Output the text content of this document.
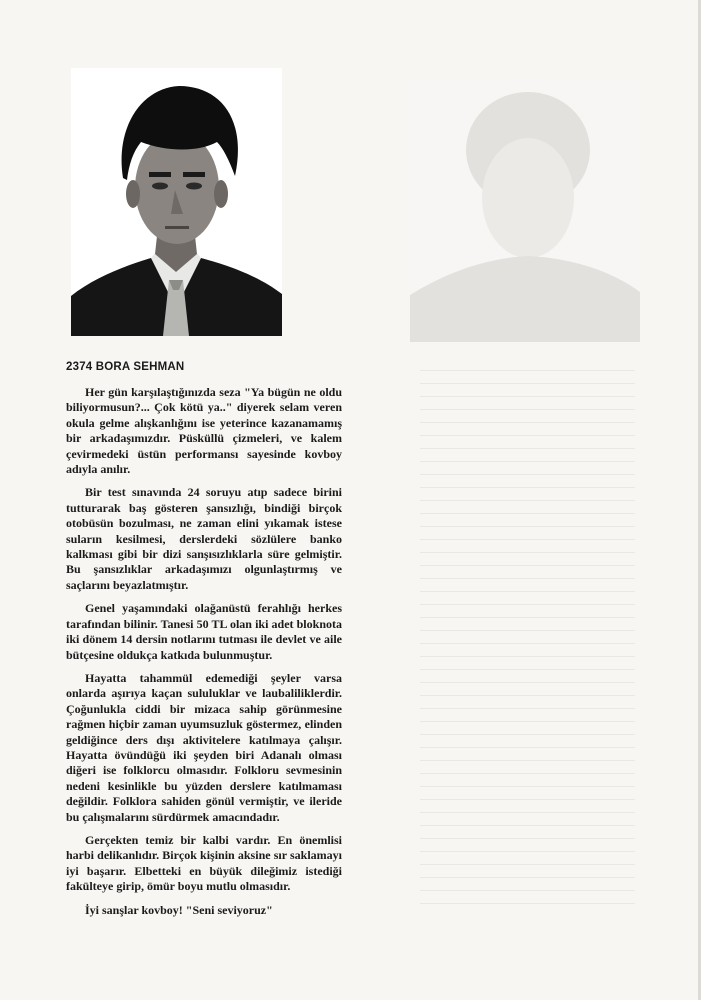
2374 BORA SEHMAN

Her gün karşılaştığınızda seza "Ya bügün ne oldu biliyormusun?... Çok kötü ya.." diyerek selam veren okula gelme alışkanlığını ise yeterince kazanamamış bir arkadaşımızdır. Püsküllü çizmeleri, ve kalem çevirmedeki üstün performansı sayesinde kovboy adıyla anılır.

Bir test sınavında 24 soruyu atıp sadece birini tutturarak baş gösteren şansızlığı, bindiği birçok otobüsün bozulması, ne zaman elini yıkamak istese suların kesilmesi, derslerdeki sözlülere banko kalkması gibi bir dizi sanşısızlıklarla süre gelmiştir. Bu şansızlıklar arkadaşımızı olgunlaştırmış ve saçlarını beyazlatmıştır.

Genel yaşamındaki olağanüstü ferahlığı herkes tarafından bilinir. Tanesi 50 TL olan iki adet bloknota iki dönem 14 dersin notlarını tutması ile devlet ve aile bütçesine oldukça katkıda bulunmuştur.

Hayatta tahammül edemediği şeyler varsa onlarda aşırıya kaçan sululuklar ve laubaliliklerdir. Çoğunlukla ciddi bir mizaca sahip görünmesine rağmen hiçbir zaman uyumsuzluk göstermez, elinden geldiğince ders dışı aktivitelere katılmaya çalışır. Hayatta övündüğü iki şeyden biri Adanalı olması diğeri ise folklorcu olmasıdır. Folkloru sevmesinin nedeni kesinlikle bu yüzden derslere katılmaması değildir. Folklora sahiden gönül vermiştir, ve ileride bu çalışmalarını sürdürmek amacındadır.

Gerçekten temiz bir kalbi vardır. En önemlisi harbi delikanlıdır. Birçok kişinin aksine sır saklamayı iyi başarır. Elbetteki en büyük dileğimiz istediği fakülteye girip, ömür boyu mutlu olmasıdır.

İyi sanşlar kovboy! "Seni seviyoruz"
